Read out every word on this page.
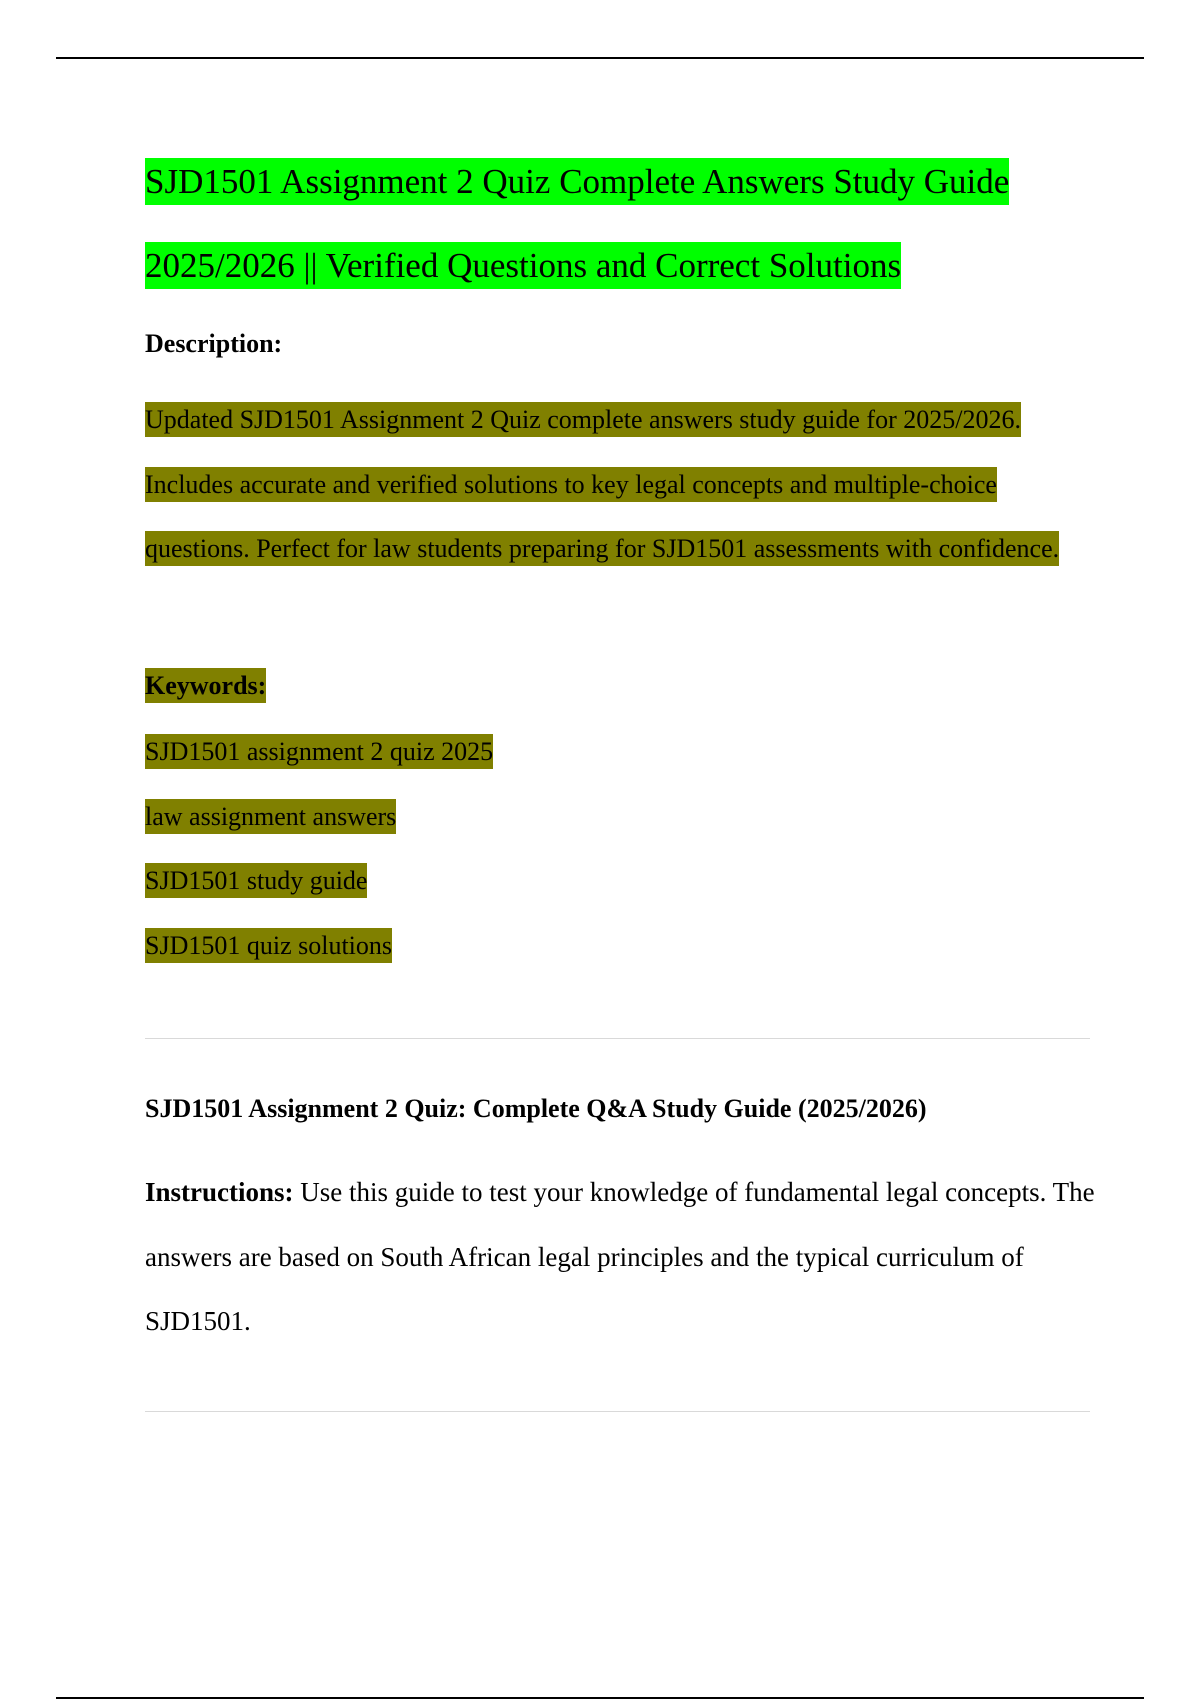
SJD1501 Assignment 2 Quiz Complete Answers Study Guide 2025/2026 || Verified Questions and Correct Solutions
Description:

Updated SJD1501 Assignment 2 Quiz complete answers study guide for 2025/2026. Includes accurate and verified solutions to key legal concepts and multiple-choice questions. Perfect for law students preparing for SJD1501 assessments with confidence.

Keywords:
SJD1501 assignment 2 quiz 2025
law assignment answers
SJD1501 study guide
SJD1501 quiz solutions
SJD1501 Assignment 2 Quiz: Complete Q&A Study Guide (2025/2026)

Instructions: Use this guide to test your knowledge of fundamental legal concepts. The answers are based on South African legal principles and the typical curriculum of SJD1501.
